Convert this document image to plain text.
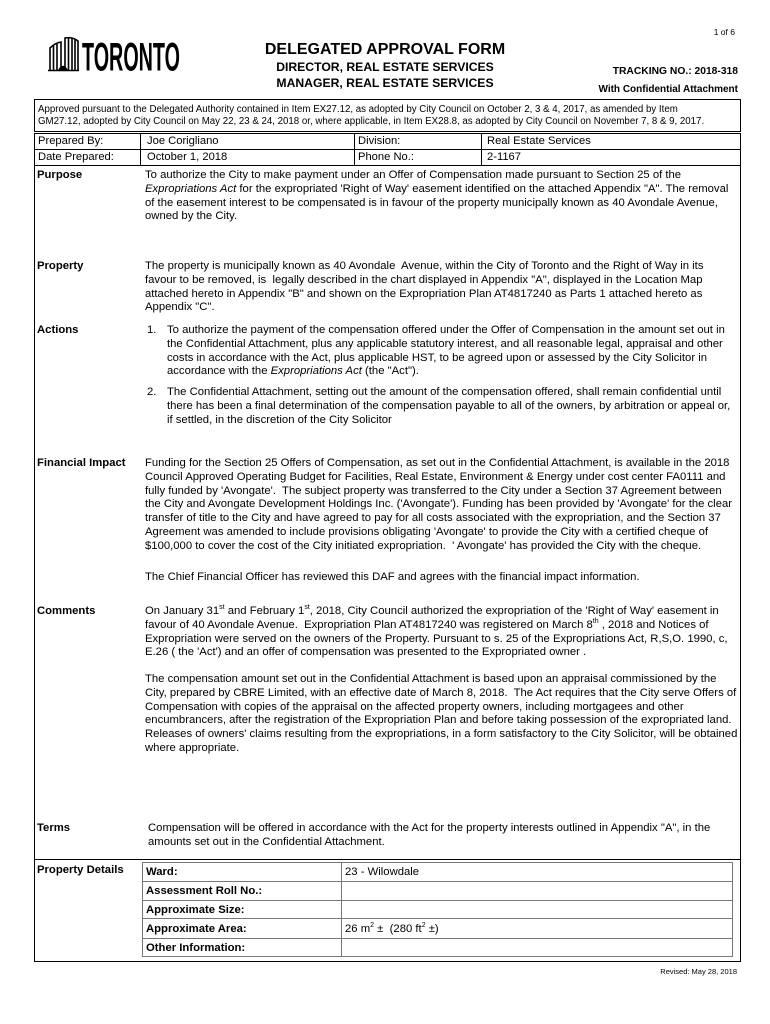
1 of 6
TORONTO	DELEGATED APPROVAL FORM
DIRECTOR, REAL ESTATE SERVICES
MANAGER, REAL ESTATE SERVICES
TRACKING NO.: 2018-318
With Confidential Attachment
Approved pursuant to the Delegated Authority contained in Item EX27.12, as adopted by City Council on October 2, 3 & 4, 2017, as amended by Item
GM27.12, adopted by City Council on May 22, 23 & 24, 2018 or, where applicable, in Item EX28.8, as adopted by City Council on November 7, 8 & 9, 2017.
Prepared By:	Joe Corigliano	Division:	Real Estate Services
Date Prepared:	October 1, 2018	Phone No.:	2-1167
Purpose	To authorize the City to make payment under an Offer of Compensation made pursuant to Section 25 of the
Expropriations Act for the expropriated 'Right of Way' easement identified on the attached Appendix "A". The removal
of the easement interest to be compensated is in favour of the property municipally known as 40 Avondale Avenue,
owned by the City.
Property	The property is municipally known as 40 Avondale  Avenue, within the City of Toronto and the Right of Way in its
favour to be removed, is  legally described in the chart displayed in Appendix "A", displayed in the Location Map
attached hereto in Appendix "B" and shown on the Expropriation Plan AT4817240 as Parts 1 attached hereto as
Appendix "C".
Actions	1. To authorize the payment of the compensation offered under the Offer of Compensation in the amount set out in
the Confidential Attachment, plus any applicable statutory interest, and all reasonable legal, appraisal and other
costs in accordance with the Act, plus applicable HST, to be agreed upon or assessed by the City Solicitor in
accordance with the Expropriations Act (the "Act").
2. The Confidential Attachment, setting out the amount of the compensation offered, shall remain confidential until
there has been a final determination of the compensation payable to all of the owners, by arbitration or appeal or,
if settled, in the discretion of the City Solicitor
Financial Impact Funding for the Section 25 Offers of Compensation, as set out in the Confidential Attachment, is available in the 2018
Council Approved Operating Budget for Facilities, Real Estate, Environment & Energy under cost center FA0111 and
fully funded by 'Avongate'.  The subject property was transferred to the City under a Section 37 Agreement between
the City and Avongate Development Holdings Inc. ('Avongate'). Funding has been provided by 'Avongate' for the clear
transfer of title to the City and have agreed to pay for all costs associated with the expropriation, and the Section 37
Agreement was amended to include provisions obligating 'Avongate' to provide the City with a certified cheque of
$100,000 to cover the cost of the City initiated expropriation.  ' Avongate' has provided the City with the cheque.
The Chief Financial Officer has reviewed this DAF and agrees with the financial impact information.
Comments	On January 31st and February 1st, 2018, City Council authorized the expropriation of the 'Right of Way' easement in
favour of 40 Avondale Avenue.  Expropriation Plan AT4817240 was registered on March 8th , 2018 and Notices of
Expropriation were served on the owners of the Property. Pursuant to s. 25 of the Expropriations Act, R,S,O. 1990, c,
E.26 ( the 'Act') and an offer of compensation was presented to the Expropriated owner .
The compensation amount set out in the Confidential Attachment is based upon an appraisal commissioned by the
City, prepared by CBRE Limited, with an effective date of March 8, 2018.  The Act requires that the City serve Offers of
Compensation with copies of the appraisal on the affected property owners, including mortgagees and other
encumbrancers, after the registration of the Expropriation Plan and before taking possession of the expropriated land.
Releases of owners' claims resulting from the expropriations, in a form satisfactory to the City Solicitor, will be obtained
where appropriate.
Terms	Compensation will be offered in accordance with the Act for the property interests outlined in Appendix "A", in the
amounts set out in the Confidential Attachment.
Property Details Ward:	23 - Wilowdale
Assessment Roll No.:
Approximate Size:
Approximate Area:	26 $m^2 \pm (280$ $ft^2$ ±)
Other Information:
Revised: May 28, 2018
